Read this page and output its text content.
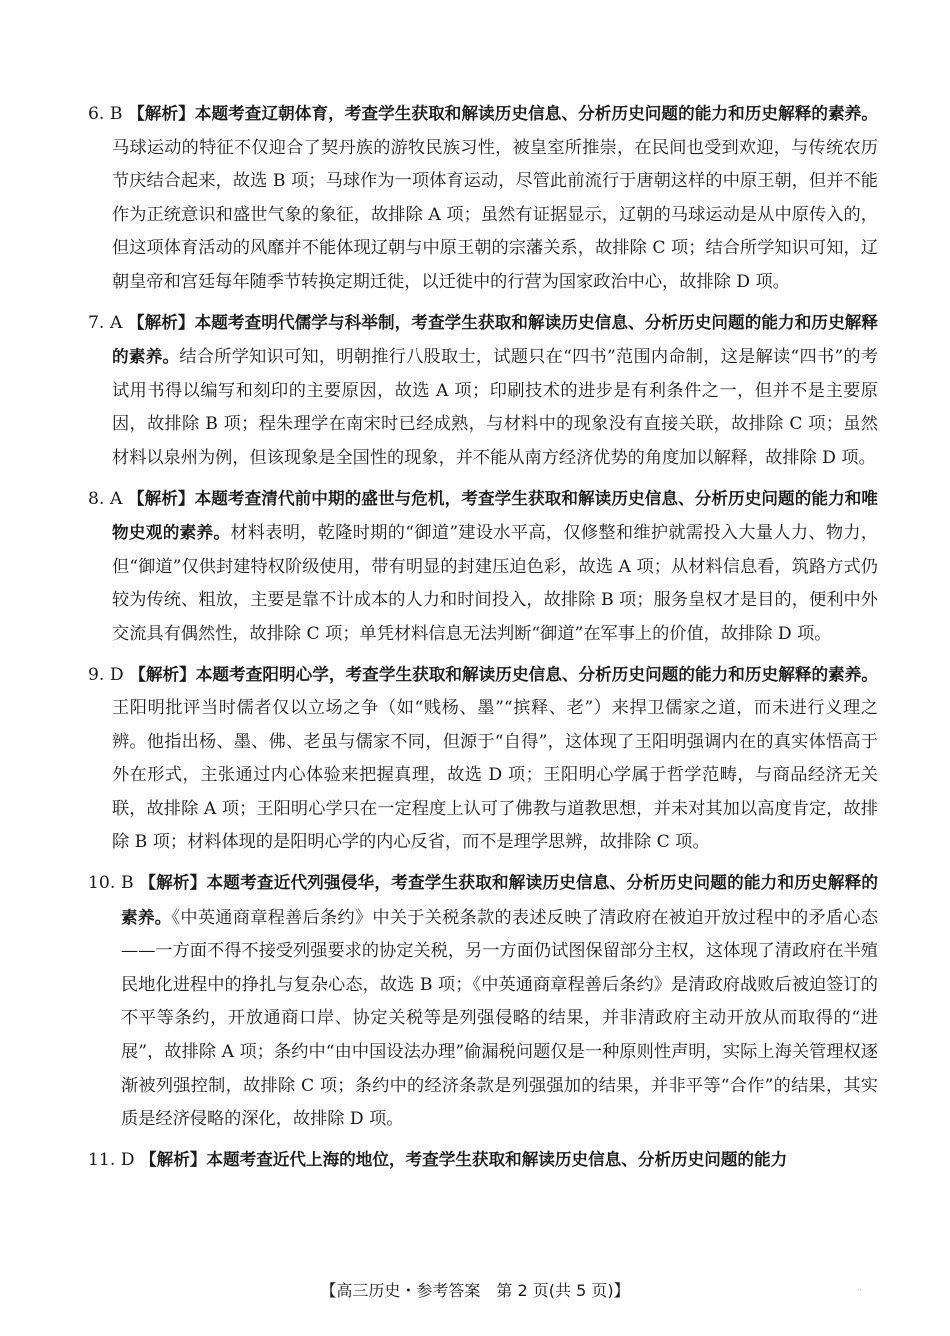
6. B 【解析】本题考查辽朝体育，考查学生获取和解读历史信息、分析历史问题的能力和历史解释的素养。马球运动的特征不仅迎合了契丹族的游牧民族习性，被皇室所推崇，在民间也受到欢迎，与传统农历节庆结合起来，故选 B 项；马球作为一项体育运动，尽管此前流行于唐朝这样的中原王朝，但并不能作为正统意识和盛世气象的象征，故排除 A 项；虽然有证据显示，辽朝的马球运动是从中原传入的，但这项体育活动的风靡并不能体现辽朝与中原王朝的宗藩关系，故排除 C 项；结合所学知识可知，辽朝皇帝和宫廷每年随季节转换定期迁徙，以迁徙中的行营为国家政治中心，故排除 D 项。

7. A 【解析】本题考查明代儒学与科举制，考查学生获取和解读历史信息、分析历史问题的能力和历史解释的素养。结合所学知识可知，明朝推行八股取士，试题只在“四书”范围内命制，这是解读“四书”的考试用书得以编写和刻印的主要原因，故选 A 项；印刷技术的进步是有利条件之一，但并不是主要原因，故排除 B 项；程朱理学在南宋时已经成熟，与材料中的现象没有直接关联，故排除 C 项；虽然材料以泉州为例，但该现象是全国性的现象，并不能从南方经济优势的角度加以解释，故排除 D 项。

8. A 【解析】本题考查清代前中期的盛世与危机，考查学生获取和解读历史信息、分析历史问题的能力和唯物史观的素养。材料表明，乾隆时期的“御道”建设水平高，仅修整和维护就需投入大量人力、物力，但“御道”仅供封建特权阶级使用，带有明显的封建压迫色彩，故选 A 项；从材料信息看，筑路方式仍较为传统、粗放，主要是靠不计成本的人力和时间投入，故排除 B 项；服务皇权才是目的，便利中外交流具有偶然性，故排除 C 项；单凭材料信息无法判断“御道”在军事上的价值，故排除 D 项。

9. D 【解析】本题考查阳明心学，考查学生获取和解读历史信息、分析历史问题的能力和历史解释的素养。王阳明批评当时儒者仅以立场之争（如“贱杨、墨”“摈释、老”）来捍卫儒家之道，而未进行义理之辨。他指出杨、墨、佛、老虽与儒家不同，但源于“自得”，这体现了王阳明强调内在的真实体悟高于外在形式，主张通过内心体验来把握真理，故选 D 项；王阳明心学属于哲学范畴，与商品经济无关联，故排除 A 项；王阳明心学只在一定程度上认可了佛教与道教思想，并未对其加以高度肯定，故排除 B 项；材料体现的是阳明心学的内心反省，而不是理学思辨，故排除 C 项。

10. B 【解析】本题考查近代列强侵华，考查学生获取和解读历史信息、分析历史问题的能力和历史解释的素养。《中英通商章程善后条约》中关于关税条款的表述反映了清政府在被迫开放过程中的矛盾心态——一方面不得不接受列强要求的协定关税，另一方面仍试图保留部分主权，这体现了清政府在半殖民地化进程中的挣扎与复杂心态，故选 B 项；《中英通商章程善后条约》是清政府战败后被迫签订的不平等条约，开放通商口岸、协定关税等是列强侵略的结果，并非清政府主动开放从而取得的“进展”，故排除 A 项；条约中“由中国设法办理”偷漏税问题仅是一种原则性声明，实际上海关管理权逐渐被列强控制，故排除 C 项；条约中的经济条款是列强强加的结果，并非平等“合作”的结果，其实质是经济侵略的深化，故排除 D 项。

11. D 【解析】本题考查近代上海的地位，考查学生获取和解读历史信息、分析历史问题的能力

【高三历史・参考答案　第 2 页(共 5 页)】	··
